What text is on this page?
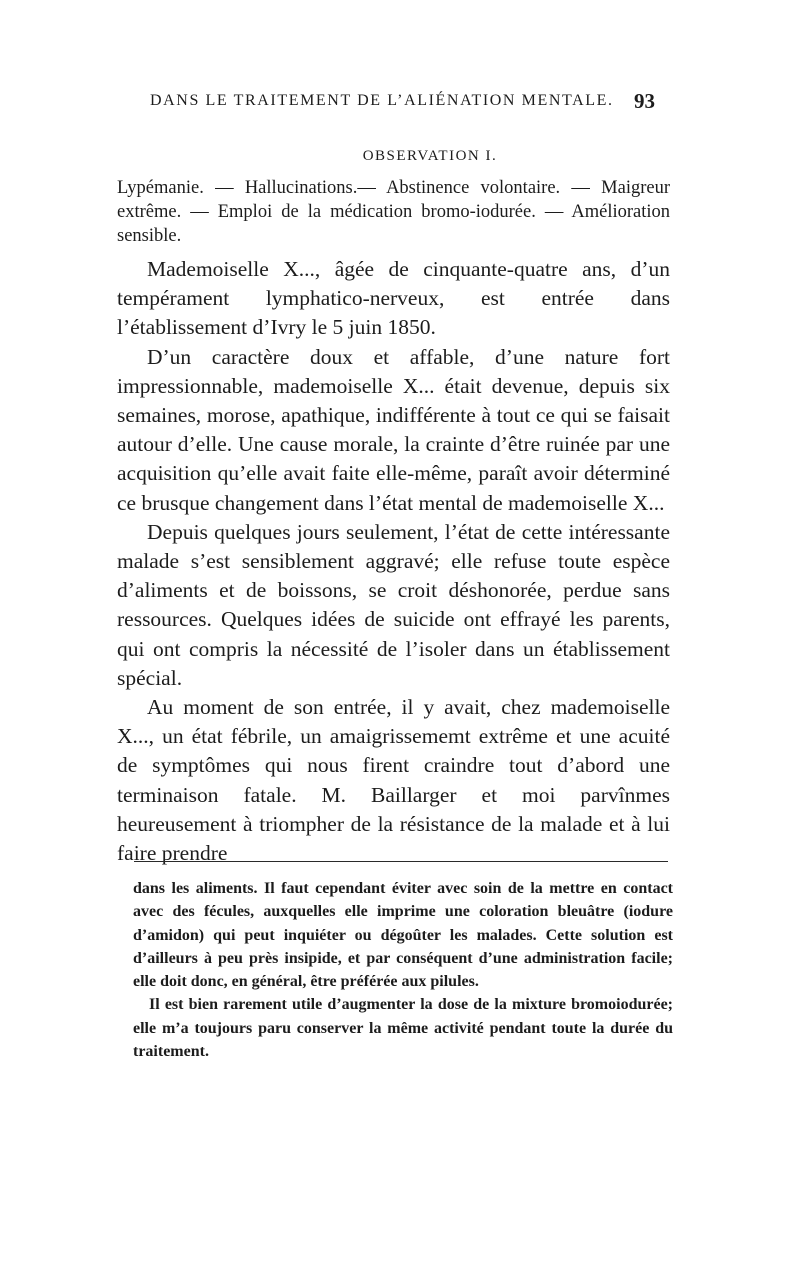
DANS LE TRAITEMENT DE L’ALIÉNATION MENTALE. 93
OBSERVATION I.
Lypémanie. — Hallucinations.— Abstinence volontaire. — Maigreur extrême. — Emploi de la médication bromo-iodurée. — Amélioration sensible.

Mademoiselle X..., âgée de cinquante-quatre ans, d’un tempérament lymphatico-nerveux, est entrée dans l’établissement d’Ivry le 5 juin 1850.

D’un caractère doux et affable, d’une nature fort impressionnable, mademoiselle X... était devenue, depuis six semaines, morose, apathique, indifférente à tout ce qui se faisait autour d’elle. Une cause morale, la crainte d’être ruinée par une acquisition qu’elle avait faite elle-même, paraît avoir déterminé ce brusque changement dans l’état mental de mademoiselle X...

Depuis quelques jours seulement, l’état de cette intéressante malade s’est sensiblement aggravé; elle refuse toute espèce d’aliments et de boissons, se croit déshonorée, perdue sans ressources. Quelques idées de suicide ont effrayé les parents, qui ont compris la nécessité de l’isoler dans un établissement spécial.

Au moment de son entrée, il y avait, chez mademoiselle X..., un état fébrile, un amaigrissememt extrême et une acuité de symptômes qui nous firent craindre tout d’abord une terminaison fatale. M. Baillarger et moi parvînmes heureusement à triompher de la résistance de la malade et à lui faire prendre

dans les aliments. Il faut cependant éviter avec soin de la mettre en contact avec des fécules, auxquelles elle imprime une coloration bleuâtre (iodure d’amidon) qui peut inquiéter ou dégoûter les malades. Cette solution est d’ailleurs à peu près insipide, et par conséquent d’une administration facile; elle doit donc, en général, être préférée aux pilules.

Il est bien rarement utile d’augmenter la dose de la mixture bromoiodurée; elle m’a toujours paru conserver la même activité pendant toute la durée du traitement.
